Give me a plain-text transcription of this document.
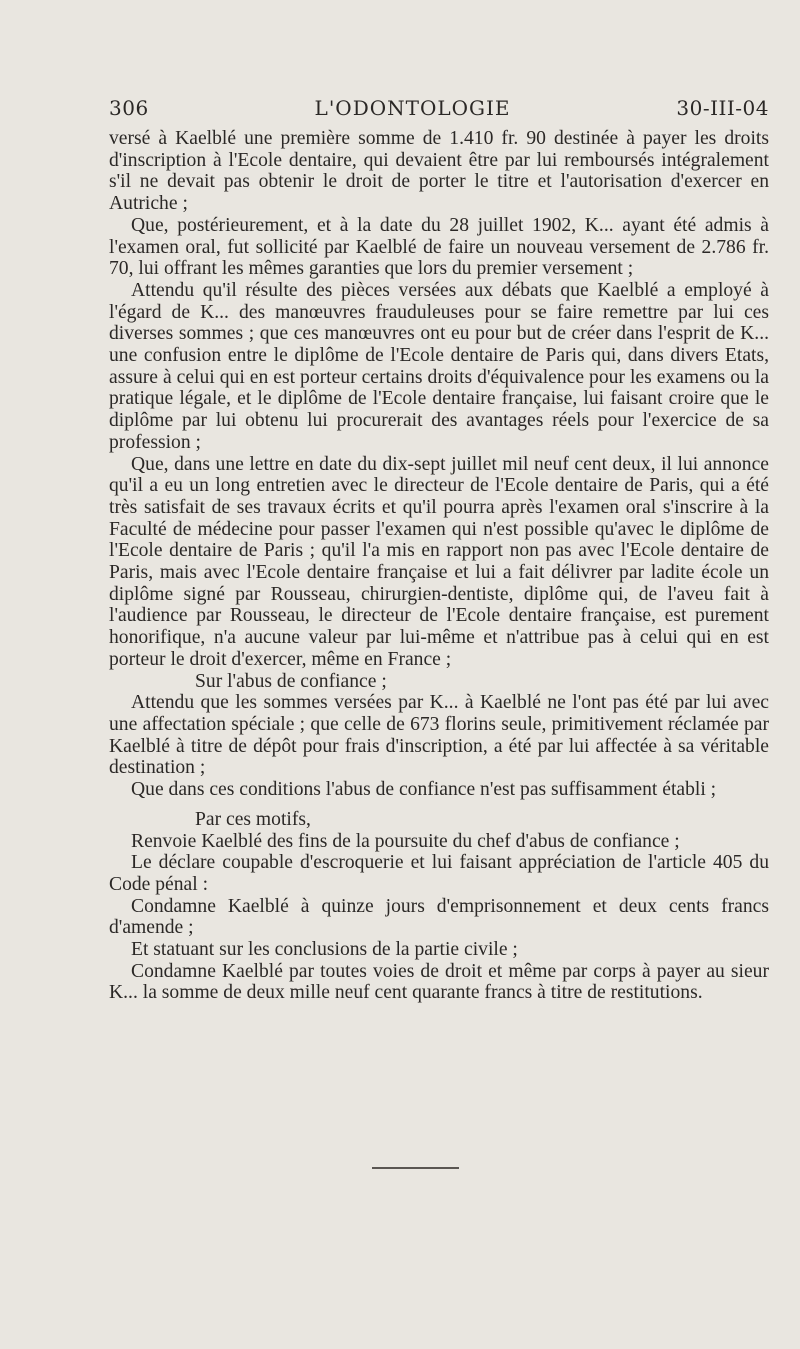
306	L'ODONTOLOGIE	30-III-04

versé à Kaelblé une première somme de 1.410 fr. 90 destinée à payer les droits d'inscription à l'Ecole dentaire, qui devaient être par lui remboursés intégralement s'il ne devait pas obtenir le droit de porter le titre et l'autorisation d'exercer en Autriche ;

Que, postérieurement, et à la date du 28 juillet 1902, K... ayant été admis à l'examen oral, fut sollicité par Kaelblé de faire un nouveau versement de 2.786 fr. 70, lui offrant les mêmes garanties que lors du premier versement ;

Attendu qu'il résulte des pièces versées aux débats que Kaelblé a employé à l'égard de K... des manœuvres frauduleuses pour se faire remettre par lui ces diverses sommes ; que ces manœuvres ont eu pour but de créer dans l'esprit de K... une confusion entre le diplôme de l'Ecole dentaire de Paris qui, dans divers Etats, assure à celui qui en est porteur certains droits d'équivalence pour les examens ou la pratique légale, et le diplôme de l'Ecole dentaire française, lui faisant croire que le diplôme par lui obtenu lui procurerait des avantages réels pour l'exercice de sa profession ;

Que, dans une lettre en date du dix-sept juillet mil neuf cent deux, il lui annonce qu'il a eu un long entretien avec le directeur de l'Ecole dentaire de Paris, qui a été très satisfait de ses travaux écrits et qu'il pourra après l'examen oral s'inscrire à la Faculté de médecine pour passer l'examen qui n'est possible qu'avec le diplôme de l'Ecole dentaire de Paris ; qu'il l'a mis en rapport non pas avec l'Ecole dentaire de Paris, mais avec l'Ecole dentaire française et lui a fait délivrer par ladite école un diplôme signé par Rousseau, chirurgien-dentiste, diplôme qui, de l'aveu fait à l'audience par Rousseau, le directeur de l'Ecole dentaire française, est purement honorifique, n'a aucune valeur par lui-même et n'attribue pas à celui qui en est porteur le droit d'exercer, même en France ;

Sur l'abus de confiance ;

Attendu que les sommes versées par K... à Kaelblé ne l'ont pas été par lui avec une affectation spéciale ; que celle de 673 florins seule, primitivement réclamée par Kaelblé à titre de dépôt pour frais d'inscription, a été par lui affectée à sa véritable destination ;

Que dans ces conditions l'abus de confiance n'est pas suffisamment établi ;

Par ces motifs,

Renvoie Kaelblé des fins de la poursuite du chef d'abus de confiance ;

Le déclare coupable d'escroquerie et lui faisant appréciation de l'article 405 du Code pénal :

Condamne Kaelblé à quinze jours d'emprisonnement et deux cents francs d'amende ;

Et statuant sur les conclusions de la partie civile ;

Condamne Kaelblé par toutes voies de droit et même par corps à payer au sieur K... la somme de deux mille neuf cent quarante francs à titre de restitutions.
